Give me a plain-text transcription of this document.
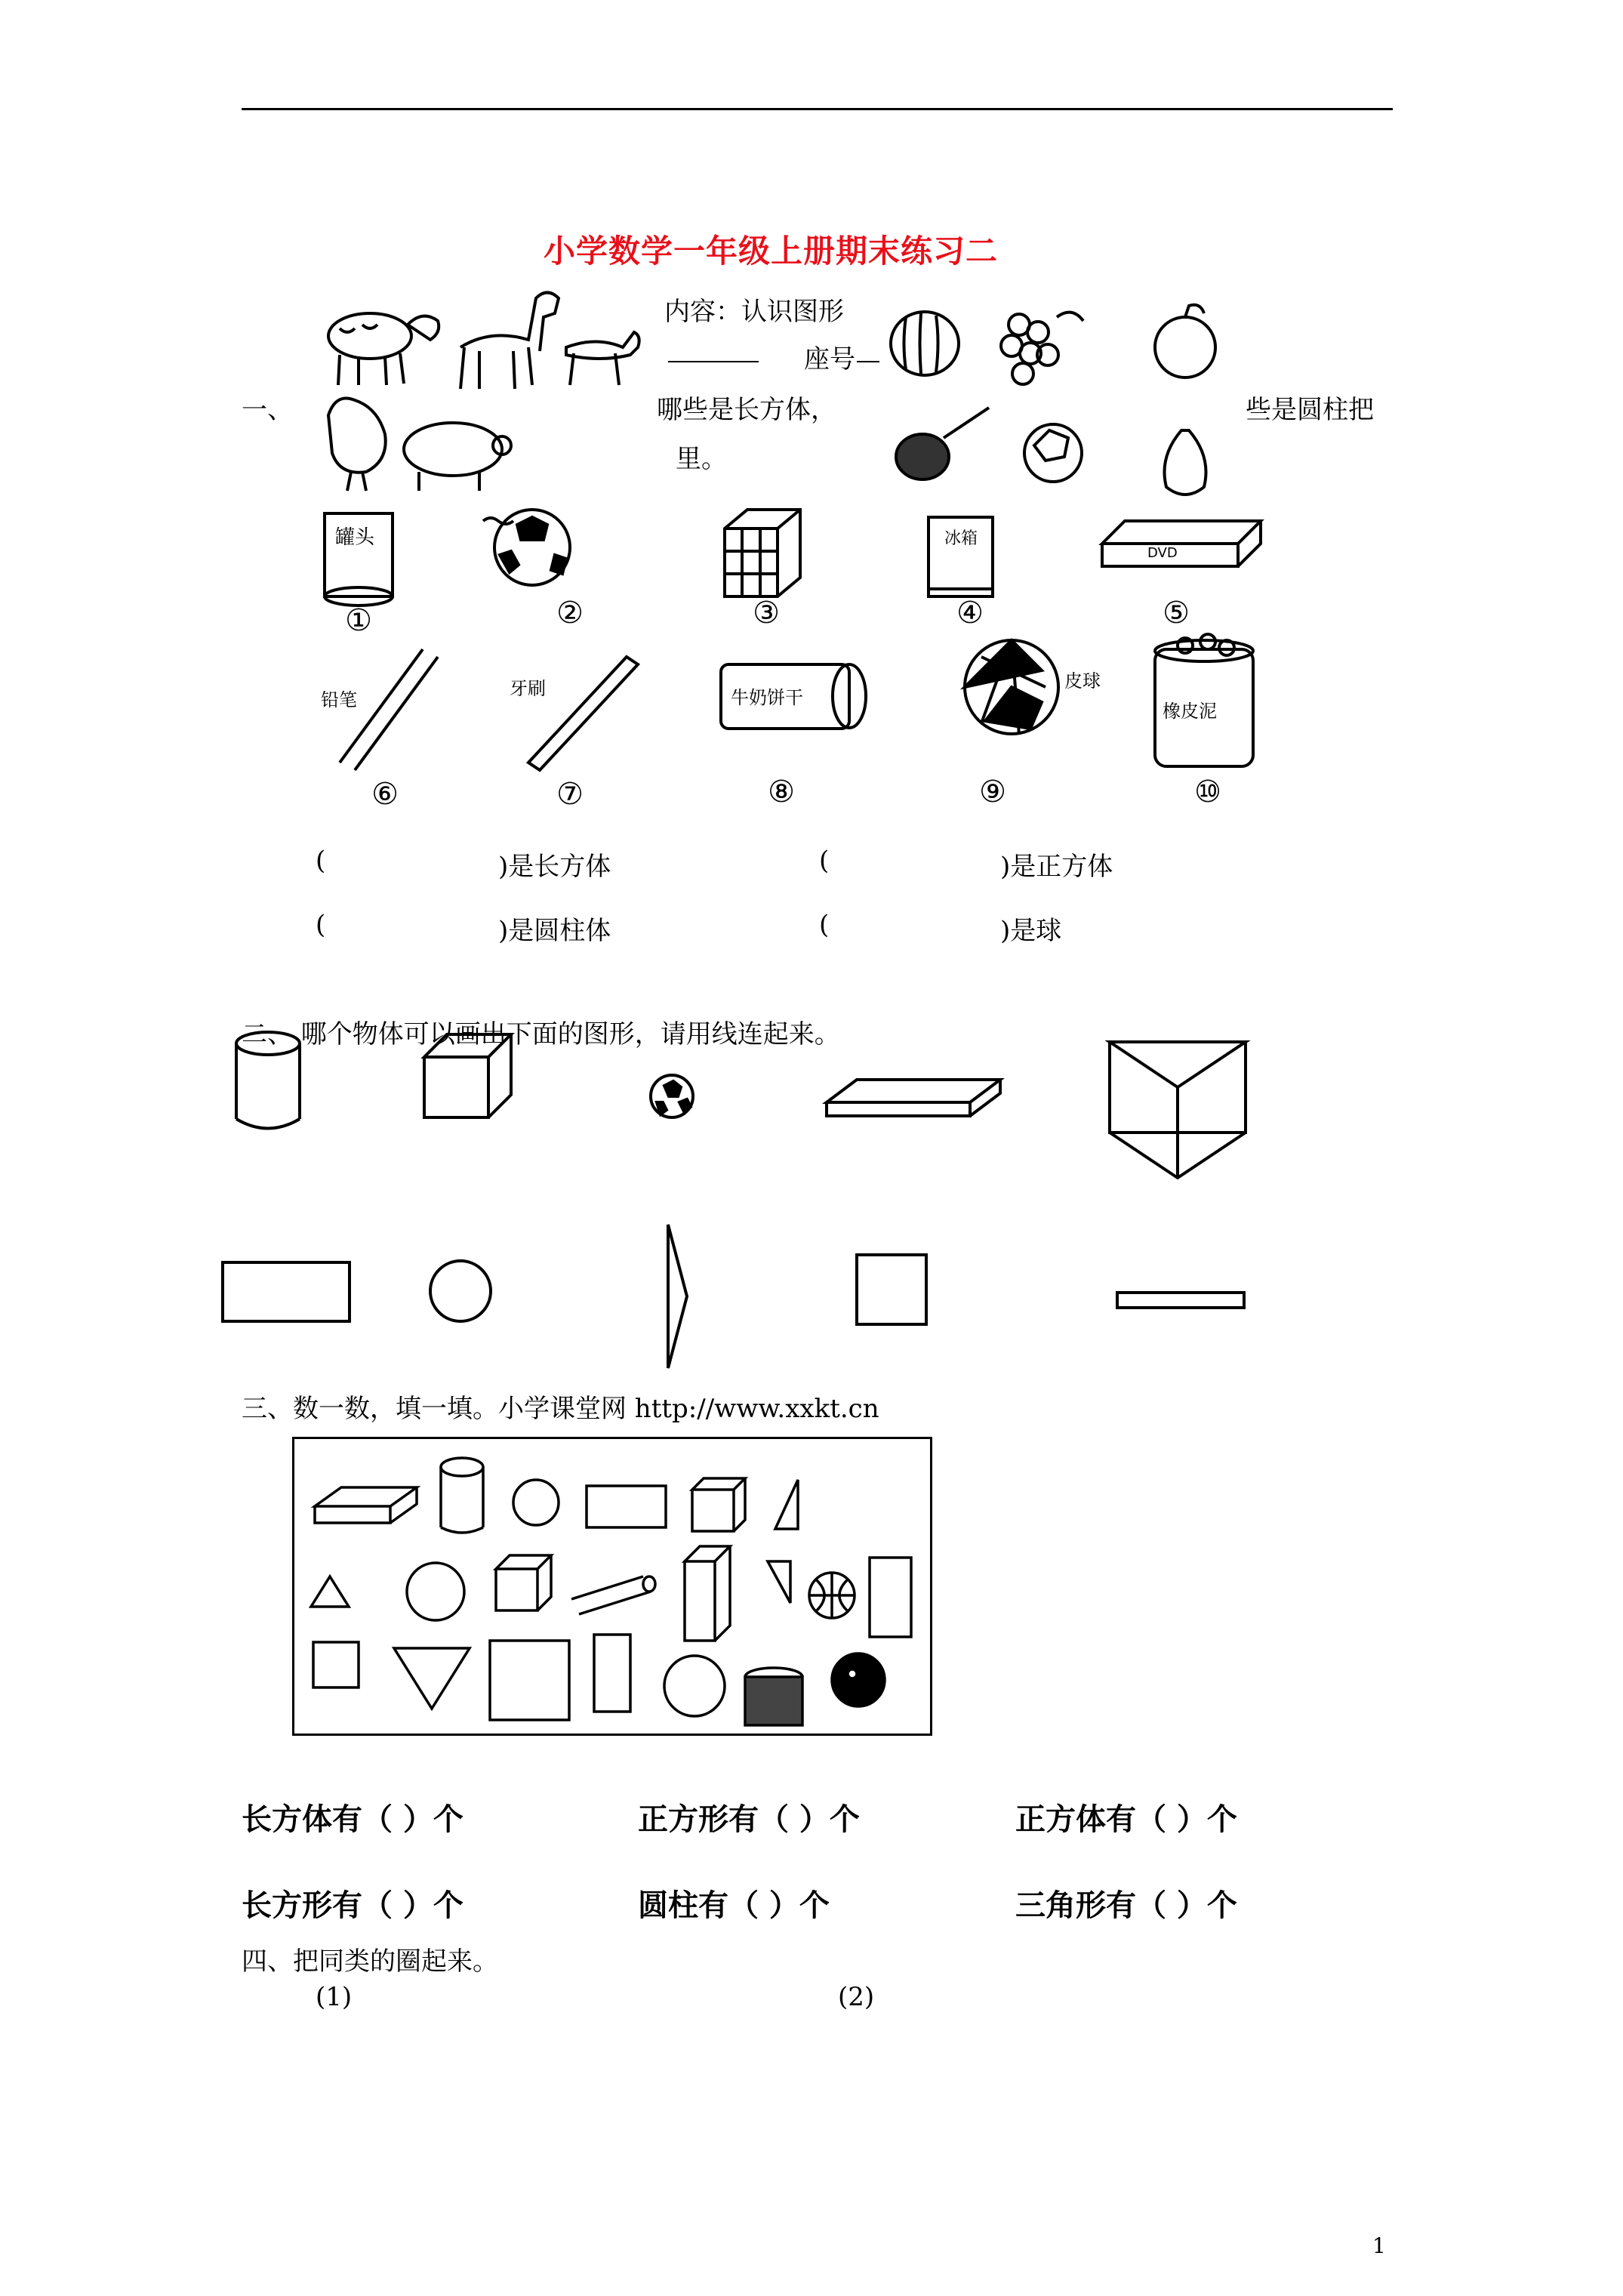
小学数学一年级上册期末练习二
内容：认识图形
座号
一、	哪些是长方体，	些是圆柱把
里。
罐头	冰箱
DVD
①	②	③	④	⑤
铅笔
牙刷	牛奶饼干
皮球
橡皮泥
⑥	⑦	⑧	⑨	⑩
(	)是长方体	(	)是正方体
(	)是圆柱体	(	)是球
二、 哪个物体可以画出下面的图形，请用线连起来。
三、数一数，填一填。小学课堂网 http://www.xxkt.cn
长方体有（ ）个	正方形有（ ）个	正方体有（ ）个
长方形有（ ）个	圆柱有（ ）个	三角形有（ ）个
四、把同类的圈起来。
(1)	(2)
1
